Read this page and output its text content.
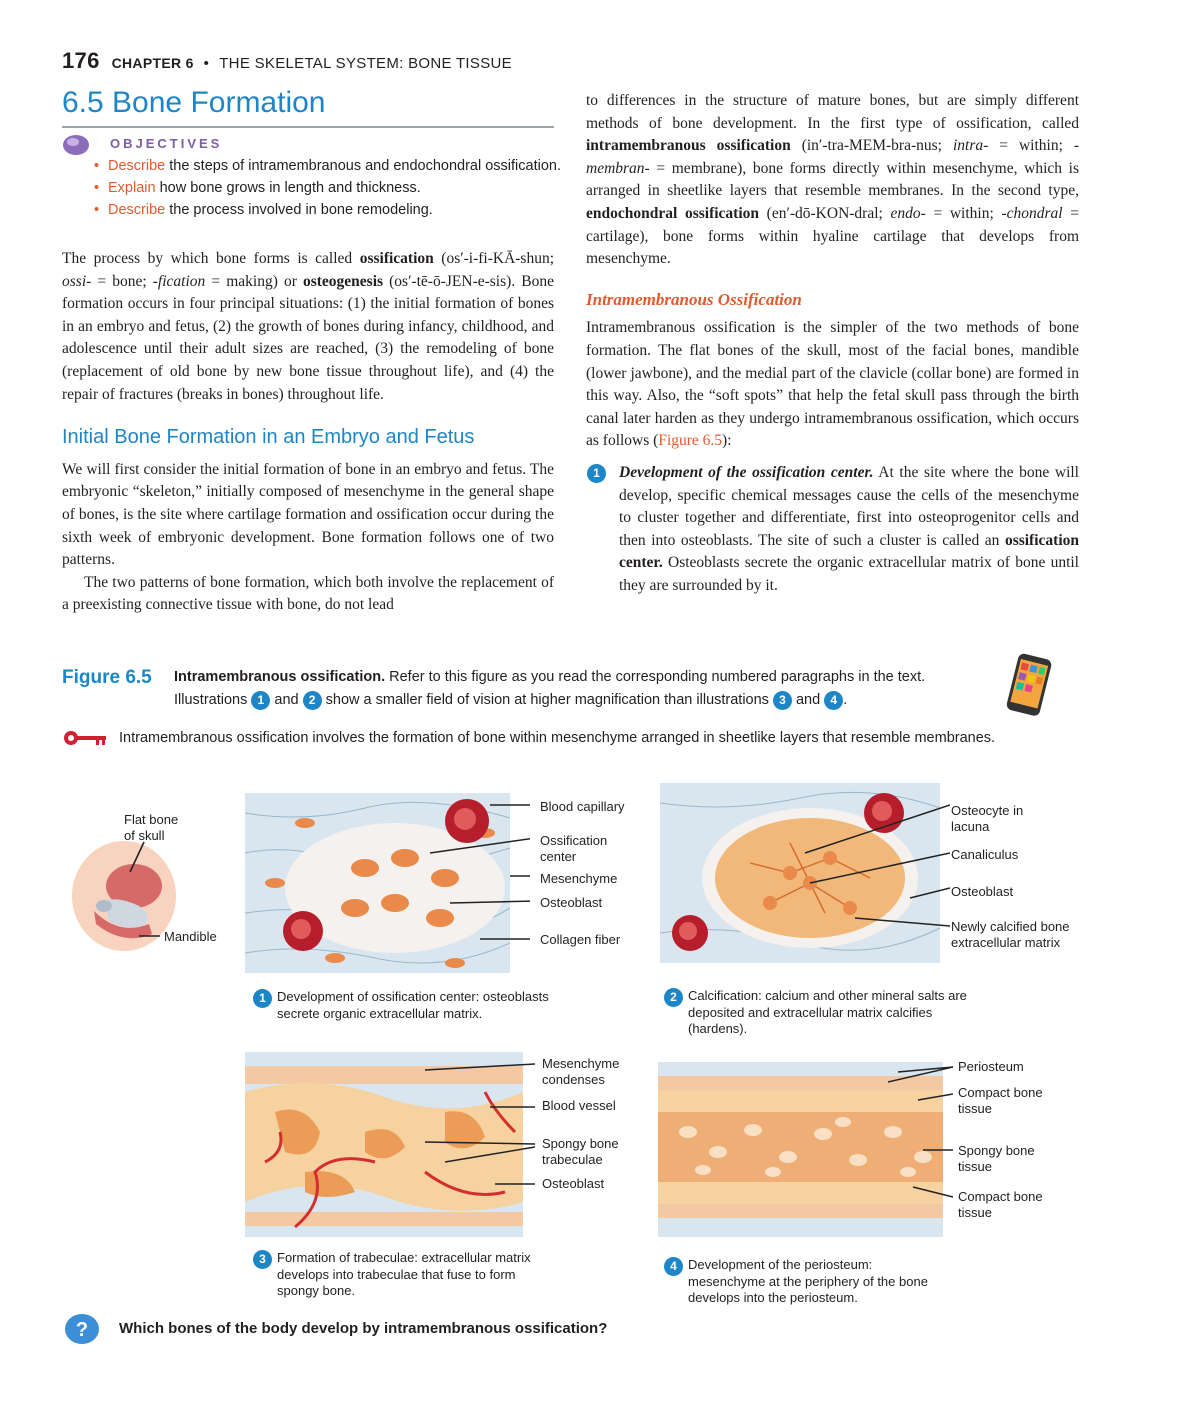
176 CHAPTER 6 • THE SKELETAL SYSTEM: BONE TISSUE
6.5 Bone Formation
OBJECTIVES
• Describe the steps of intramembranous and endochondral ossification.
• Explain how bone grows in length and thickness.
• Describe the process involved in bone remodeling.

The process by which bone forms is called ossification (os′-i-fi-KĀ-shun; ossi- = bone; -fication = making) or osteogenesis (os′-tē-ō-JEN-e-sis). Bone formation occurs in four principal situations: (1) the initial formation of bones in an embryo and fetus, (2) the growth of bones during infancy, childhood, and adolescence until their adult sizes are reached, (3) the remodeling of bone (replacement of old bone by new bone tissue throughout life), and (4) the repair of fractures (breaks in bones) throughout life.

Initial Bone Formation in an Embryo and Fetus

We will first consider the initial formation of bone in an embryo and fetus. The embryonic “skeleton,” initially composed of mesenchyme in the general shape of bones, is the site where cartilage formation and ossification occur during the sixth week of embryonic development. Bone formation follows one of two patterns.

The two patterns of bone formation, which both involve the replacement of a preexisting connective tissue with bone, do not lead

to differences in the structure of mature bones, but are simply different methods of bone development. In the first type of ossification, called intramembranous ossification (in′-tra-MEM-bra-nus; intra- = within; -membran- = membrane), bone forms directly within mesenchyme, which is arranged in sheetlike layers that resemble membranes. In the second type, endochondral ossification (en′-dō-KON-dral; endo- = within; -chondral = cartilage), bone forms within hyaline cartilage that develops from mesenchyme.

Intramembranous Ossification

Intramembranous ossification is the simpler of the two methods of bone formation. The flat bones of the skull, most of the facial bones, mandible (lower jawbone), and the medial part of the clavicle (collar bone) are formed in this way. Also, the “soft spots” that help the fetal skull pass through the birth canal later harden as they undergo intramembranous ossification, which occurs as follows (Figure 6.5):

1	Development of the ossification center. At the site where the bone will develop, specific chemical messages cause the cells of the mesenchyme to cluster together and differentiate, first into osteoprogenitor cells and then into osteoblasts. The site of such a cluster is called an ossification center. Osteoblasts secrete the organic extracellular matrix of bone until they are surrounded by it.

Figure 6.5 Intramembranous ossification. Refer to this figure as you read the corresponding numbered paragraphs in the text. Illustrations 1 and 2 show a smaller field of vision at higher magnification than illustrations 3 and 4 .
Intramembranous ossification involves the formation of bone within mesenchyme arranged in sheetlike layers that resemble membranes.
Flat bone
of skull
Mandible
Blood capillary
Ossification center
Mesenchyme
Osteoblast
Collagen fiber
1 Development of ossification center: osteoblasts secrete organic extracellular matrix.
Osteocyte in lacuna
Canaliculus
Osteoblast
Newly calcified bone extracellular matrix
2 Calcification: calcium and other mineral salts are deposited and extracellular matrix calcifies (hardens).
Mesenchyme condenses
Blood vessel
Spongy bone trabeculae
Osteoblast
3 Formation of trabeculae: extracellular matrix develops into trabeculae that fuse to form spongy bone.
Periosteum
Compact bone tissue
Spongy bone tissue
Compact bone tissue
4 Development of the periosteum: mesenchyme at the periphery of the bone develops into the periosteum.
? Which bones of the body develop by intramembranous ossification?
